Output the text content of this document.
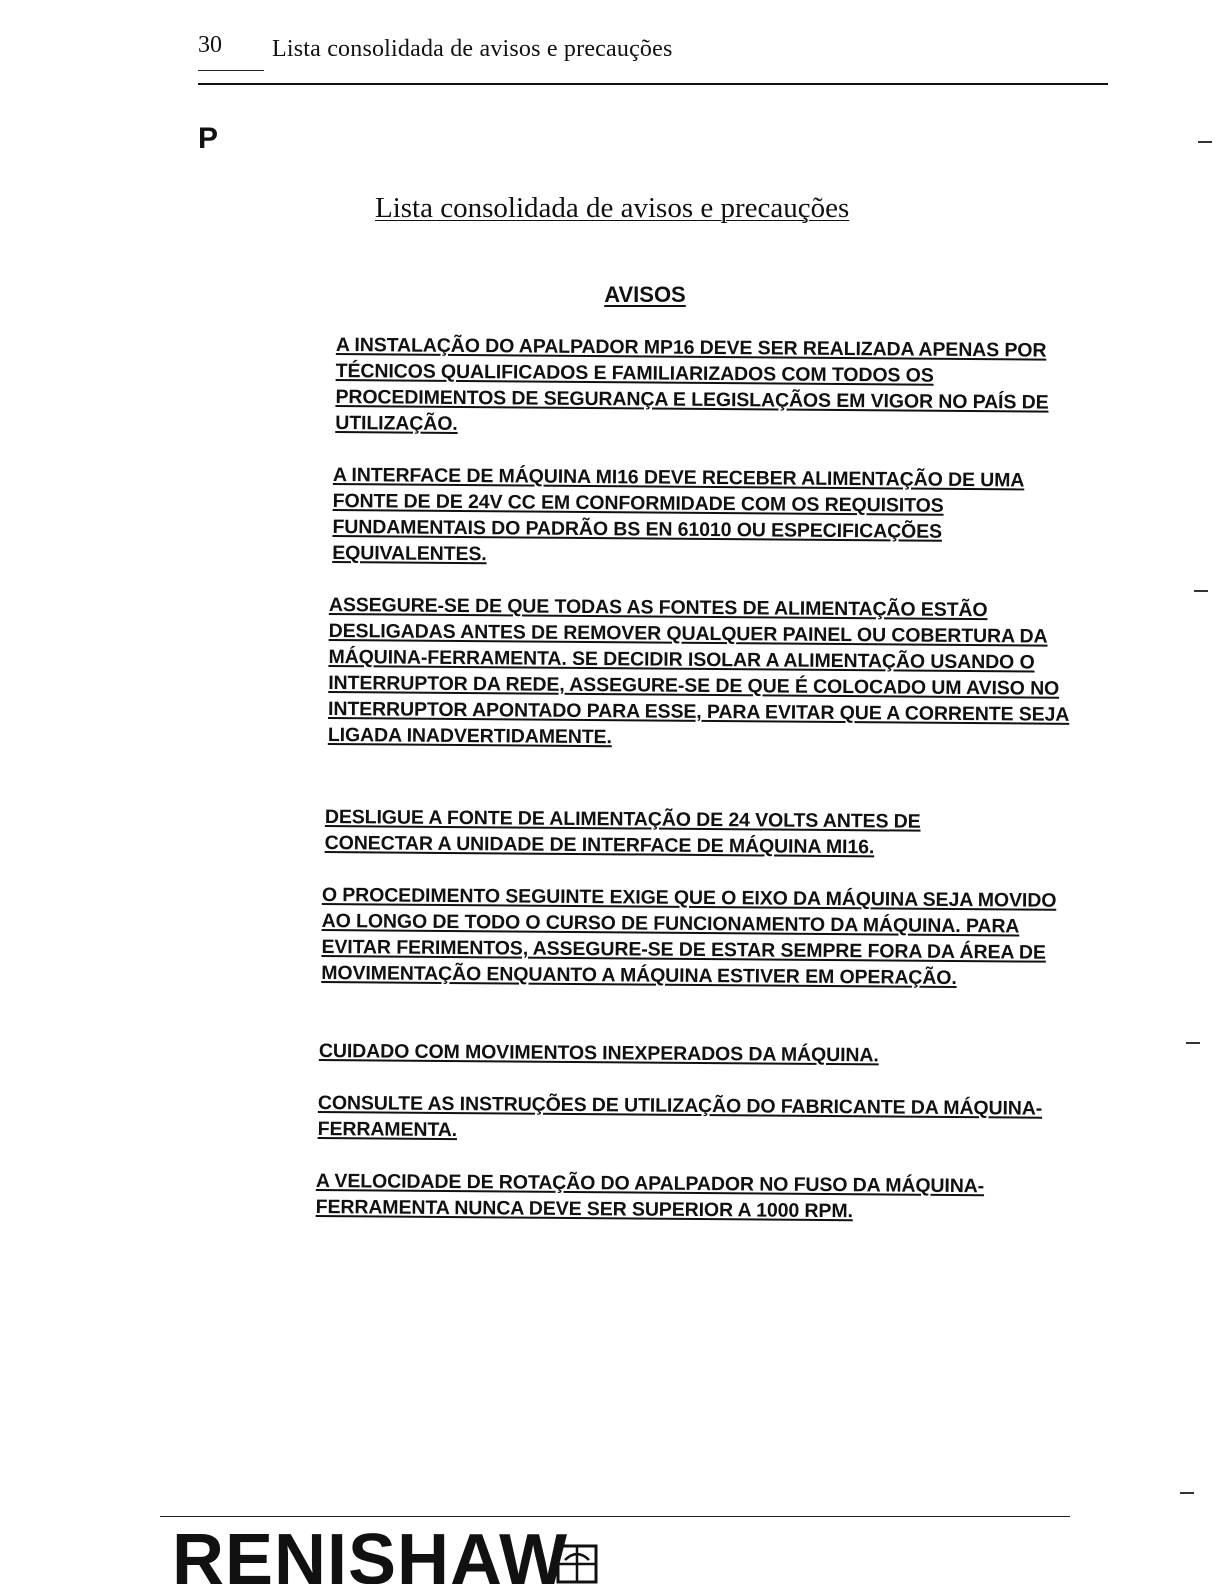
30 Lista consolidada de avisos e precauções
P
Lista consolidada de avisos e precauções
AVISOS
A INSTALAÇÃO DO APALPADOR MP16 DEVE SER REALIZADA APENAS POR TÉCNICOS QUALIFICADOS E FAMILIARIZADOS COM TODOS OS PROCEDIMENTOS DE SEGURANÇA E LEGISLAÇÃOS EM VIGOR NO PAÍS DE UTILIZAÇÃO.
A INTERFACE DE MÁQUINA MI16 DEVE RECEBER ALIMENTAÇÃO DE UMA FONTE DE DE 24V CC EM CONFORMIDADE COM OS REQUISITOS FUNDAMENTAIS DO PADRÃO BS EN 61010 OU ESPECIFICAÇÕES EQUIVALENTES.
ASSEGURE-SE DE QUE TODAS AS FONTES DE ALIMENTAÇÃO ESTÃO DESLIGADAS ANTES DE REMOVER QUALQUER PAINEL OU COBERTURA DA MÁQUINA-FERRAMENTA. SE DECIDIR ISOLAR A ALIMENTAÇÃO USANDO O INTERRUPTOR DA REDE, ASSEGURE-SE DE QUE É COLOCADO UM AVISO NO INTERRUPTOR APONTADO PARA ESSE, PARA EVITAR QUE A CORRENTE SEJA LIGADA INADVERTIDAMENTE.
DESLIGUE A FONTE DE ALIMENTAÇÃO DE 24 VOLTS ANTES DE CONECTAR A UNIDADE DE INTERFACE DE MÁQUINA MI16.
O PROCEDIMENTO SEGUINTE EXIGE QUE O EIXO DA MÁQUINA SEJA MOVIDO AO LONGO DE TODO O CURSO DE FUNCIONAMENTO DA MÁQUINA. PARA EVITAR FERIMENTOS, ASSEGURE-SE DE ESTAR SEMPRE FORA DA ÁREA DE MOVIMENTAÇÃO ENQUANTO A MÁQUINA ESTIVER EM OPERAÇÃO.
CUIDADO COM MOVIMENTOS INEXPERADOS DA MÁQUINA.
CONSULTE AS INSTRUÇÕES DE UTILIZAÇÃO DO FABRICANTE DA MÁQUINA-FERRAMENTA.
A VELOCIDADE DE ROTAÇÃO DO APALPADOR NO FUSO DA MÁQUINA-FERRAMENTA NUNCA DEVE SER SUPERIOR A 1000 RPM.
RENISHAW
